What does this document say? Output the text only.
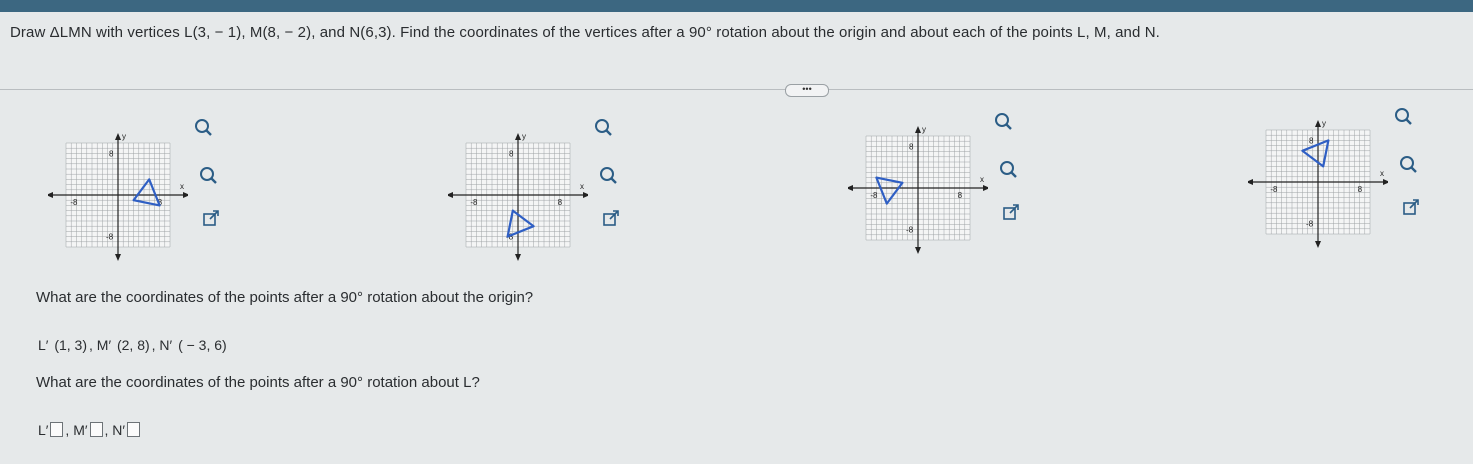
Draw ΔLMN with vertices L(3, − 1), M(8, − 2), and N(6,3). Find the coordinates of the vertices after a 90° rotation about the origin and about each of the points L, M, and N.
•••
x
y
8
-8	8
-8
x
y
8
-8	8
-8
x
y
8
-8	8
-8
x
y
8
-8	8
-8
What are the coordinates of the points after a 90° rotation about the origin?
L′ (1, 3) , M′ (2, 8) , N′ ( − 3, 6)
What are the coordinates of the points after a 90° rotation about L?
L′ , M′ , N′
